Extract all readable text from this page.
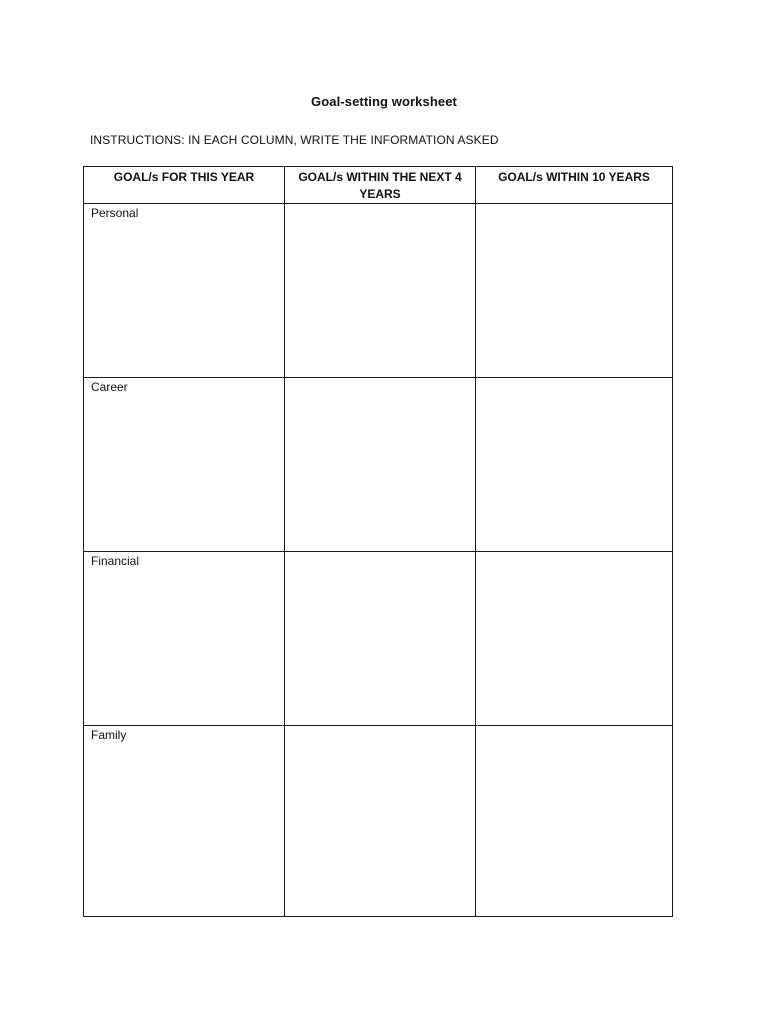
Goal-setting worksheet
INSTRUCTIONS: IN EACH COLUMN, WRITE THE INFORMATION ASKED
GOAL/s FOR THIS YEAR	GOAL/s WITHIN THE NEXT 4 YEARS	GOAL/s WITHIN 10 YEARS

Personal		

Career		

Financial		

Family		
